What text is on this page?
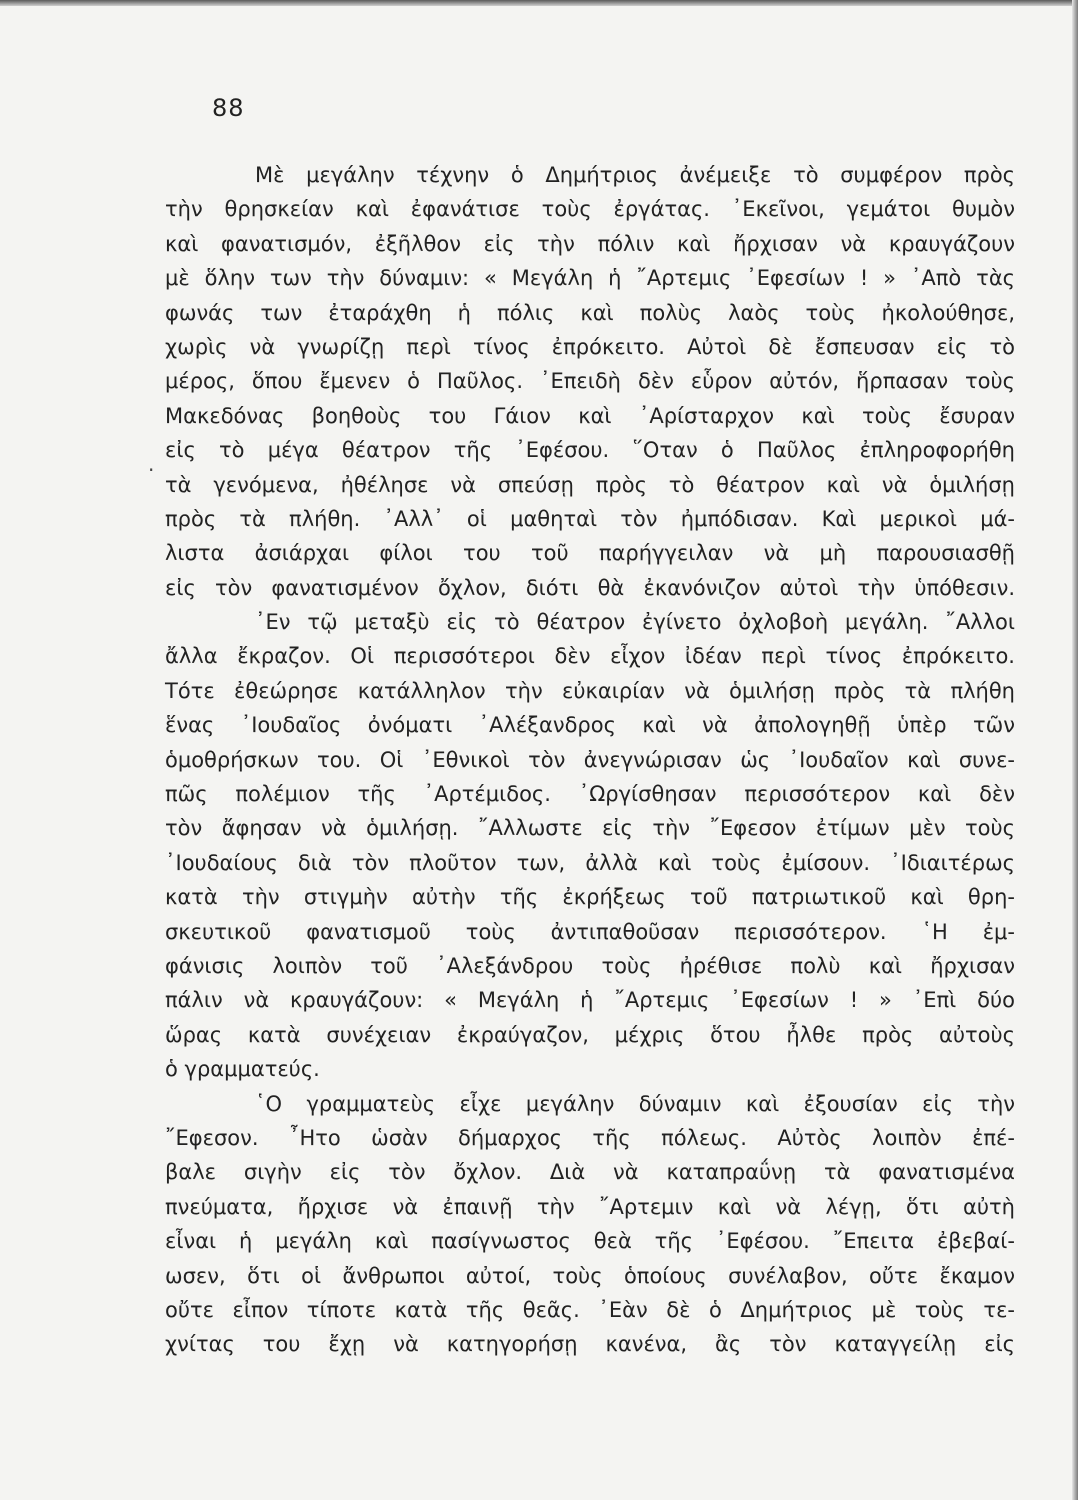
88
·
Μὲ μεγάλην τέχνην ὁ Δημήτριος ἀνέμειξε τὸ συμφέρον πρὸς
τὴν θρησκείαν καὶ ἐφανάτισε τοὺς ἐργάτας. ᾿Εκεῖνοι, γεμάτοι θυμὸν
καὶ φανατισμόν, ἐξῆλθον εἰς τὴν πόλιν καὶ ἤρχισαν νὰ κραυγάζουν
μὲ ὅλην των τὴν δύναμιν: « Μεγάλη ἡ ῎Αρτεμις ᾿Εφεσίων ! » ᾿Απὸ τὰς
φωνάς των ἐταράχθη ἡ πόλις καὶ πολὺς λαὸς τοὺς ἠκολούθησε,
χωρὶς νὰ γνωρίζῃ περὶ τίνος ἐπρόκειτο. Αὐτοὶ δὲ ἔσπευσαν εἰς τὸ
μέρος, ὅπου ἔμενεν ὁ Παῦλος. ᾿Επειδὴ δὲν εὗρον αὐτόν, ἥρπασαν τοὺς
Μακεδόνας βοηθοὺς του Γάιον καὶ ᾿Αρίσταρχον καὶ τοὺς ἔσυραν
εἰς τὸ μέγα θέατρον τῆς ᾿Εφέσου. ῞Οταν ὁ Παῦλος ἐπληροφορήθη
τὰ γενόμενα, ἠθέλησε νὰ σπεύσῃ πρὸς τὸ θέατρον καὶ νὰ ὁμιλήσῃ
πρὸς τὰ πλήθη. ᾿Αλλ᾿ οἱ μαθηταὶ τὸν ἠμπόδισαν. Καὶ μερικοὶ μά-
λιστα ἀσιάρχαι φίλοι του τοῦ παρήγγειλαν νὰ μὴ παρουσιασθῇ
εἰς τὸν φανατισμένον ὄχλον, διότι θὰ ἐκανόνιζον αὐτοὶ τὴν ὑπόθεσιν.
᾿Εν τῷ μεταξὺ εἰς τὸ θέατρον ἐγίνετο ὀχλοβοὴ μεγάλη. ῎Αλλοι
ἄλλα ἔκραζον. Οἱ περισσότεροι δὲν εἶχον ἰδέαν περὶ τίνος ἐπρόκειτο.
Τότε ἐθεώρησε κατάλληλον τὴν εὐκαιρίαν νὰ ὁμιλήσῃ πρὸς τὰ πλήθη
ἕνας ᾿Ιουδαῖος ὀνόματι ᾿Αλέξανδρος καὶ νὰ ἀπολογηθῇ ὑπὲρ τῶν
ὁμοθρήσκων του. Οἱ ᾿Εθνικοὶ τὸν ἀνεγνώρισαν ὡς ᾿Ιουδαῖον καὶ συνε-
πῶς πολέμιον τῆς ᾿Αρτέμιδος. ᾿Ωργίσθησαν περισσότερον καὶ δὲν
τὸν ἄφησαν νὰ ὁμιλήσῃ. ῎Αλλωστε εἰς τὴν ῎Εφεσον ἐτίμων μὲν τοὺς
᾿Ιουδαίους διὰ τὸν πλοῦτον των, ἀλλὰ καὶ τοὺς ἐμίσουν. ᾿Ιδιαιτέρως
κατὰ τὴν στιγμὴν αὐτὴν τῆς ἐκρήξεως τοῦ πατριωτικοῦ καὶ θρη-
σκευτικοῦ φανατισμοῦ τοὺς ἀντιπαθοῦσαν περισσότερον. ῾Η ἐμ-
φάνισις λοιπὸν τοῦ ᾿Αλεξάνδρου τοὺς ἠρέθισε πολὺ καὶ ἤρχισαν
πάλιν νὰ κραυγάζουν: « Μεγάλη ἡ ῎Αρτεμις ᾿Εφεσίων ! » ᾿Επὶ δύο
ὥρας κατὰ συνέχειαν ἐκραύγαζον, μέχρις ὅτου ἦλθε πρὸς αὐτοὺς
ὁ γραμματεύς.
῾Ο γραμματεὺς εἶχε μεγάλην δύναμιν καὶ ἐξουσίαν εἰς τὴν
῎Εφεσον. ῏Ητο ὡσὰν δήμαρχος τῆς πόλεως. Αὐτὸς λοιπὸν ἐπέ-
βαλε σιγὴν εἰς τὸν ὄχλον. Διὰ νὰ καταπραΰνῃ τὰ φανατισμένα
πνεύματα, ἤρχισε νὰ ἐπαινῇ τὴν ῎Αρτεμιν καὶ νὰ λέγῃ, ὅτι αὐτὴ
εἶναι ἡ μεγάλη καὶ πασίγνωστος θεὰ τῆς ᾿Εφέσου. ῎Επειτα ἐβεβαί-
ωσεν, ὅτι οἱ ἄνθρωποι αὐτοί, τοὺς ὁποίους συνέλαβον, οὔτε ἔκαμον
οὔτε εἶπον τίποτε κατὰ τῆς θεᾶς. ᾿Εὰν δὲ ὁ Δημήτριος μὲ τοὺς τε-
χνίτας του ἔχῃ νὰ κατηγορήσῃ κανένα, ἂς τὸν καταγγείλῃ εἰς
